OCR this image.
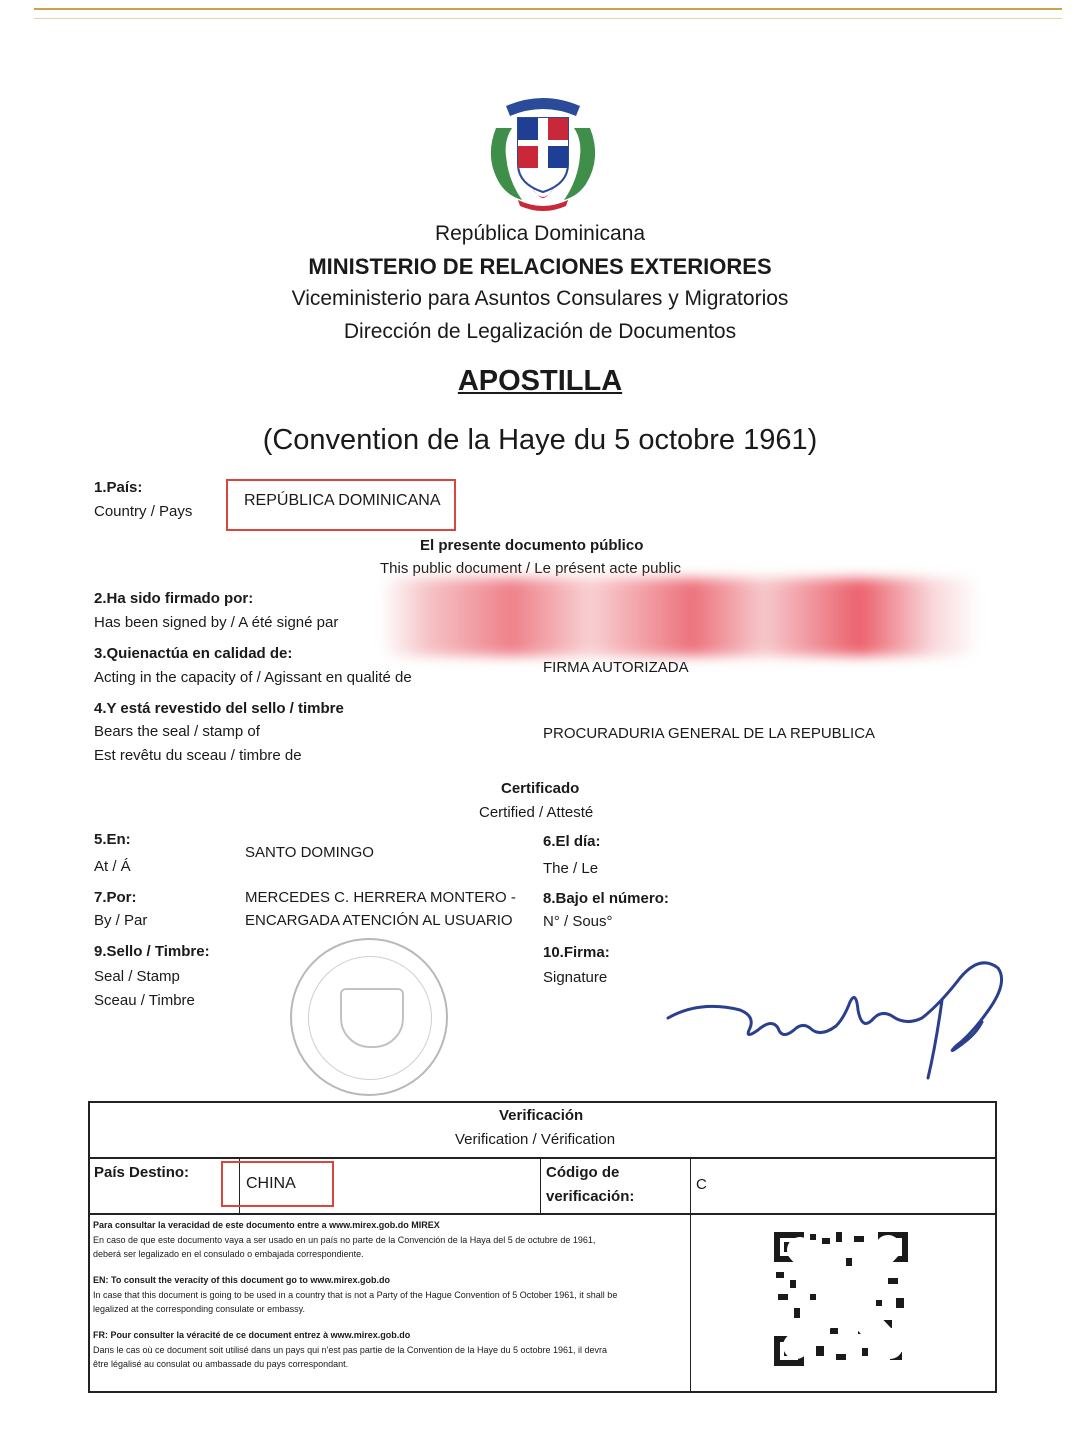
República Dominicana
MINISTERIO DE RELACIONES EXTERIORES
Viceministerio para Asuntos Consulares y Migratorios
Dirección de Legalización de Documentos
APOSTILLA
(Convention de la Haye du 5 octobre 1961)
1.País:
Country / Pays
REPÚBLICA DOMINICANA
El presente documento público
This public document / Le présent acte public
2.Ha sido firmado por:
Has been signed by / A été signé par
3.Quienactúa en calidad de:
Acting in the capacity of / Agissant en qualité de
FIRMA AUTORIZADA
4.Y está revestido del sello / timbre
Bears the seal / stamp of
Est revêtu du sceau / timbre de
PROCURADURIA GENERAL DE LA REPUBLICA
Certificado
Certified / Attesté
5.En:
At / Á
SANTO DOMINGO
6.El día:
The / Le
7.Por:
By / Par
MERCEDES C. HERRERA MONTERO -
ENCARGADA ATENCIÓN AL USUARIO
8.Bajo el número:
N° / Sous°
9.Sello / Timbre:
Seal / Stamp
Sceau / Timbre
10.Firma:
Signature
Verificación
Verification / Vérification
País Destino:
CHINA
Código de
verificación:
C
Para consultar la veracidad de este documento entre a www.mirex.gob.do MIREX
En caso de que este documento vaya a ser usado en un país no parte de la Convención de la Haya del 5 de octubre de 1961,
deberá ser legalizado en el consulado o embajada correspondiente.
EN: To consult the veracity of this document go to www.mirex.gob.do
In case that this document is going to be used in a country that is not a Party of the Hague Convention of 5 October 1961, it shall be
legalized at the corresponding consulate or embassy.
FR: Pour consulter la véracité de ce document entrez à www.mirex.gob.do
Dans le cas où ce document soit utilisé dans un pays qui n'est pas partie de la Convention de la Haye du 5 octobre 1961, il devra
être légalisé au consulat ou ambassade du pays correspondant.
